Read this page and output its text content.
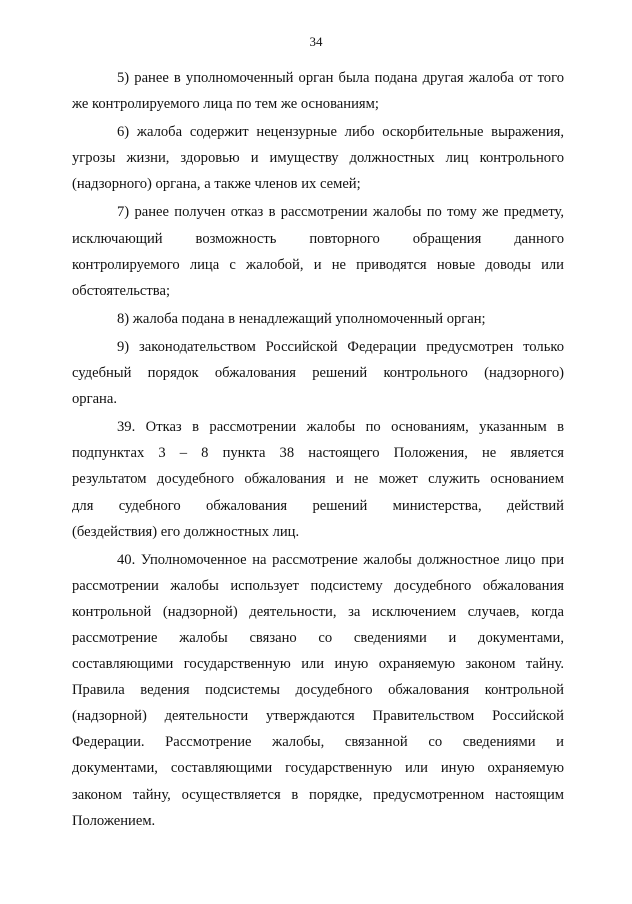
34
5) ранее в уполномоченный орган была подана другая жалоба от того
же контролируемого лица по тем же основаниям;
6) жалоба содержит нецензурные либо оскорбительные выражения,
угрозы жизни, здоровью и имуществу должностных лиц контрольного
(надзорного) органа, а также членов их семей;
7) ранее получен отказ в рассмотрении жалобы по тому же предмету,
исключающий возможность повторного обращения данного
контролируемого лица с жалобой, и не приводятся новые доводы или
обстоятельства;
8) жалоба подана в ненадлежащий уполномоченный орган;
9) законодательством Российской Федерации предусмотрен только
судебный порядок обжалования решений контрольного (надзорного)
органа.
39. Отказ в рассмотрении жалобы по основаниям, указанным в
подпунктах 3 – 8 пункта 38 настоящего Положения, не является
результатом досудебного обжалования и не может служить основанием
для судебного обжалования решений министерства, действий
(бездействия) его должностных лиц.
40. Уполномоченное на рассмотрение жалобы должностное лицо при
рассмотрении жалобы использует подсистему досудебного обжалования
контрольной (надзорной) деятельности, за исключением случаев, когда
рассмотрение жалобы связано со сведениями и документами,
составляющими государственную или иную охраняемую законом тайну.
Правила ведения подсистемы досудебного обжалования контрольной
(надзорной) деятельности утверждаются Правительством Российской
Федерации. Рассмотрение жалобы, связанной со сведениями и
документами, составляющими государственную или иную охраняемую
законом тайну, осуществляется в порядке, предусмотренном настоящим
Положением.
